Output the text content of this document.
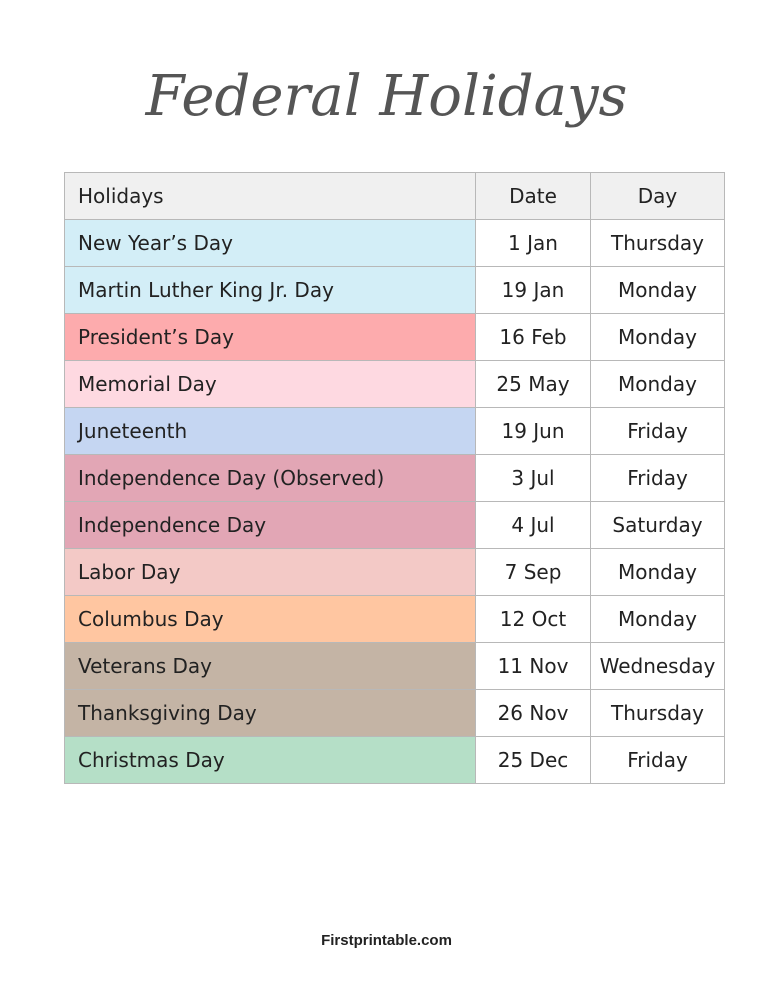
Federal Holidays
Holidays	Date	Day
New Year’s Day	1 Jan	Thursday
Martin Luther King Jr. Day	19 Jan	Monday
President’s Day	16 Feb	Monday
Memorial Day	25 May	Monday
Juneteenth	19 Jun	Friday
Independence Day (Observed)	3 Jul	Friday
Independence Day	4 Jul	Saturday
Labor Day	7 Sep	Monday
Columbus Day	12 Oct	Monday
Veterans Day	11 Nov	Wednesday
Thanksgiving Day	26 Nov	Thursday
Christmas Day	25 Dec	Friday
Firstprintable.com
